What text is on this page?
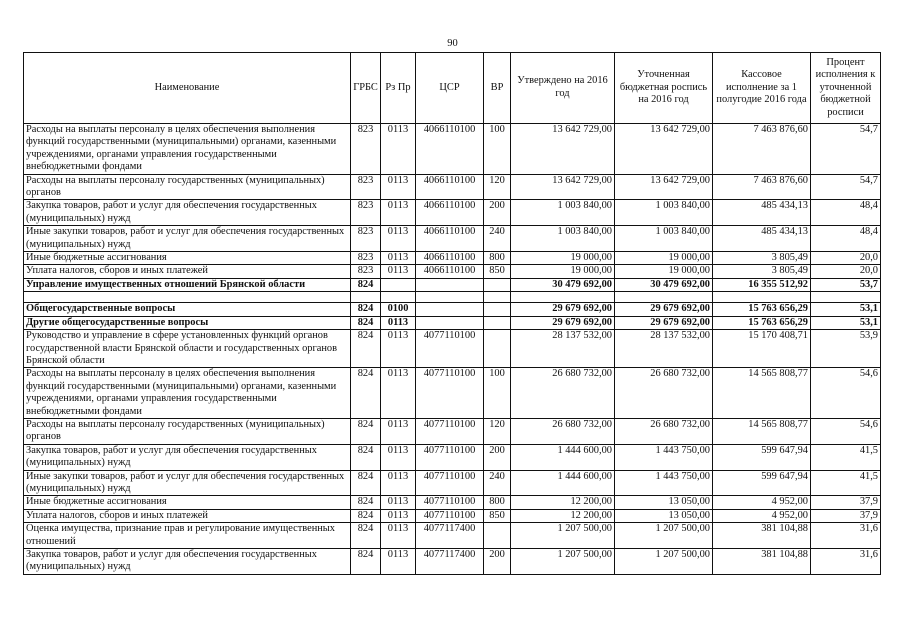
90
Наименование	ГРБС	Рз Пр	ЦСР	ВР	Утверждено на 2016 год	Уточненная бюджетная роспись на 2016 год	Кассовое исполнение за 1 полугодие 2016 года	Процент исполнения к уточненной бюджетной росписи
Расходы на выплаты персоналу в целях обеспечения выполнения функций государственными (муниципальными) органами, казенными учреждениями, органами управления государственными внебюджетными фондами	823	0113	4066110100	100	13 642 729,00	13 642 729,00	7 463 876,60	54,7
Расходы на выплаты персоналу государственных (муниципальных) органов	823	0113	4066110100	120	13 642 729,00	13 642 729,00	7 463 876,60	54,7
Закупка товаров, работ и услуг для обеспечения государственных (муниципальных) нужд	823	0113	4066110100	200	1 003 840,00	1 003 840,00	485 434,13	48,4
Иные закупки товаров, работ и услуг для обеспечения государственных (муниципальных) нужд	823	0113	4066110100	240	1 003 840,00	1 003 840,00	485 434,13	48,4
Иные бюджетные ассигнования	823	0113	4066110100	800	19 000,00	19 000,00	3 805,49	20,0
Уплата налогов, сборов и иных платежей	823	0113	4066110100	850	19 000,00	19 000,00	3 805,49	20,0
Управление имущественных отношений Брянской области	824				30 479 692,00	30 479 692,00	16 355 512,92	53,7

Общегосударственные вопросы	824	0100			29 679 692,00	29 679 692,00	15 763 656,29	53,1
Другие общегосударственные вопросы	824	0113			29 679 692,00	29 679 692,00	15 763 656,29	53,1
Руководство и управление в сфере установленных функций органов государственной власти Брянской области и государственных органов Брянской области	824	0113	4077110100		28 137 532,00	28 137 532,00	15 170 408,71	53,9
Расходы на выплаты персоналу в целях обеспечения выполнения функций государственными (муниципальными) органами, казенными учреждениями, органами управления государственными внебюджетными фондами	824	0113	4077110100	100	26 680 732,00	26 680 732,00	14 565 808,77	54,6
Расходы на выплаты персоналу государственных (муниципальных) органов	824	0113	4077110100	120	26 680 732,00	26 680 732,00	14 565 808,77	54,6
Закупка товаров, работ и услуг для обеспечения государственных (муниципальных) нужд	824	0113	4077110100	200	1 444 600,00	1 443 750,00	599 647,94	41,5
Иные закупки товаров, работ и услуг для обеспечения государственных (муниципальных) нужд	824	0113	4077110100	240	1 444 600,00	1 443 750,00	599 647,94	41,5
Иные бюджетные ассигнования	824	0113	4077110100	800	12 200,00	13 050,00	4 952,00	37,9
Уплата налогов, сборов и иных платежей	824	0113	4077110100	850	12 200,00	13 050,00	4 952,00	37,9
Оценка имущества, признание прав и регулирование имущественных отношений	824	0113	4077117400		1 207 500,00	1 207 500,00	381 104,88	31,6
Закупка товаров, работ и услуг для обеспечения государственных (муниципальных) нужд	824	0113	4077117400	200	1 207 500,00	1 207 500,00	381 104,88	31,6
